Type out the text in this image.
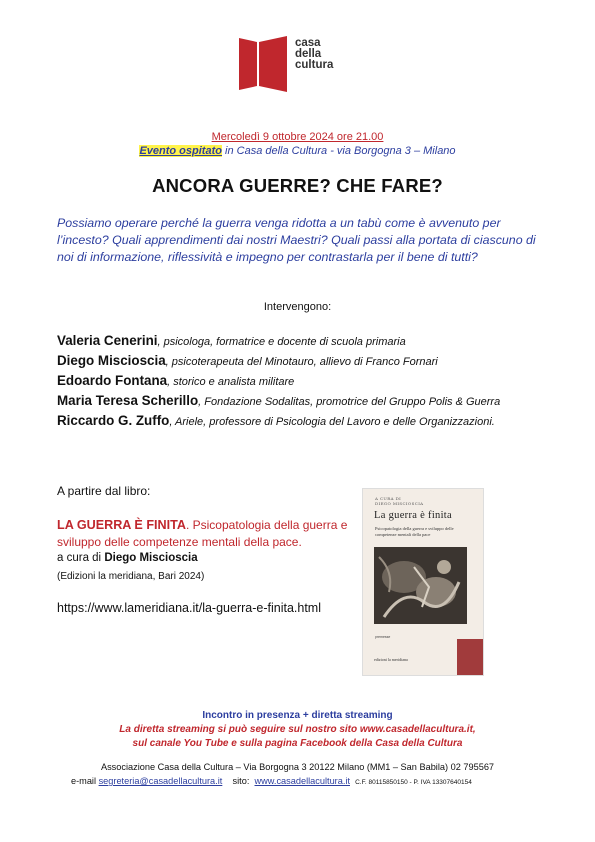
casa
della
cultura
Mercoledì 9 ottobre 2024 ore 21.00
Evento ospitato in Casa della Cultura - via Borgogna 3 – Milano
ANCORA GUERRE? CHE FARE?
Possiamo operare perché la guerra venga ridotta a un tabù come è avvenuto per l’incesto? Quali apprendimenti dai nostri Maestri? Quali passi alla portata di ciascuno di noi di informazione, riflessività e impegno per contrastarla per il bene di tutti?
Intervengono:
Valeria Cenerini, psicologa, formatrice e docente di scuola primaria
Diego Miscioscia, psicoterapeuta del Minotauro, allievo di Franco Fornari
Edoardo Fontana, storico e analista militare
Maria Teresa Scherillo, Fondazione Sodalitas, promotrice del Gruppo Polis & Guerra
Riccardo G. Zuffo, Ariele, professore di Psicologia del Lavoro e delle Organizzazioni.
A partire dal libro:
LA GUERRA È FINITA. Psicopatologia della guerra e sviluppo delle competenze mentali della pace.
a cura di Diego Miscioscia
(Edizioni la meridiana, Bari 2024)
https://www.lameridiana.it/la-guerra-e-finita.html
A CURA DI
DIEGO MISCIOSCIA
La guerra è finita
Psicopatologia della guerra e sviluppo delle competenze mentali della pace
premesse
edizioni la meridiana
Incontro in presenza + diretta streaming
La diretta streaming si può seguire sul nostro sito www.casadellacultura.it,
sul canale You Tube e sulla pagina Facebook della Casa della Cultura
Associazione Casa della Cultura – Via Borgogna 3 20122 Milano (MM1 – San Babila) 02 795567
e-mail segreteria@casadellacultura.it sito: www.casadellacultura.it C.F. 80115850150 - P. IVA 13307640154
